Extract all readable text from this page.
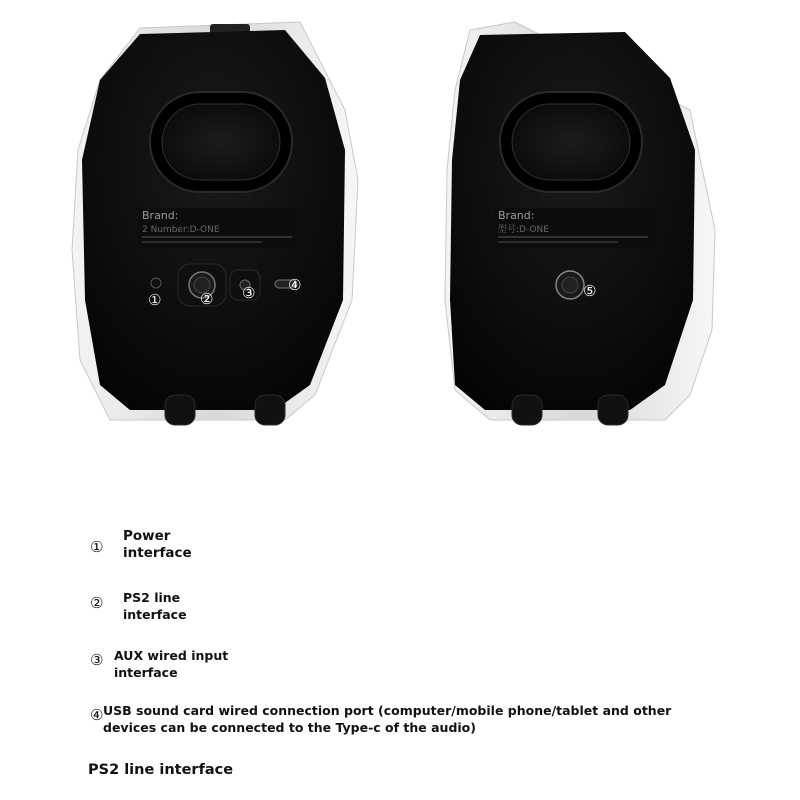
Brand:
2 Number:D-ONE
①	② ③ ④
Brand:
型号:D-ONE
⑤
①
Power
interface
② PS2 line
interface
③ AUX wired input
interface
④ USB sound card wired connection port (computer/mobile phone/tablet and other
devices can be connected to the Type-c of the audio)
PS2 line interface
